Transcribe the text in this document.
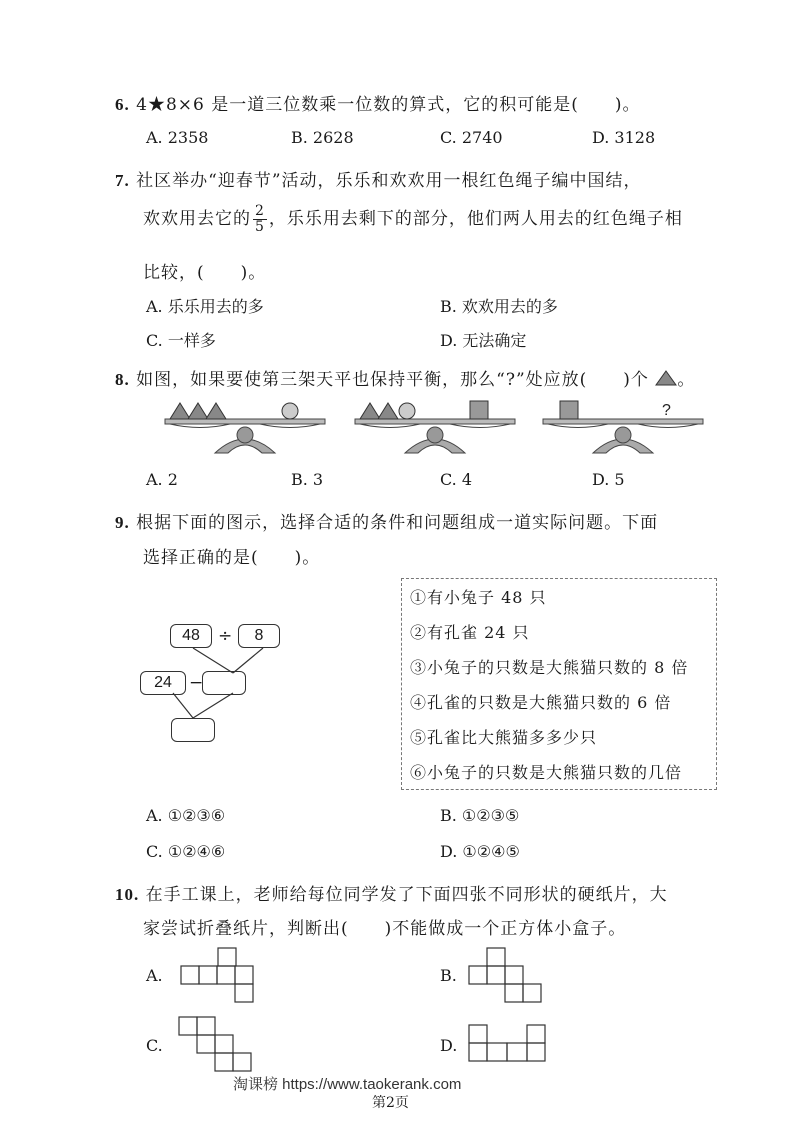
6. 4★8×6 是一道三位数乘一位数的算式，它的积可能是(　　)。
A. 2358	B. 2628	C. 2740	D. 3128
7. 社区举办“迎春节”活动，乐乐和欢欢用一根红色绳子编中国结，
欢欢用去它的 $\frac{2}{5}$ ，乐乐用去剩下的部分，他们两人用去的红色绳子相
比较，(　　)。
A. 乐乐用去的多	B. 欢欢用去的多
C. 一样多	D. 无法确定
8. 如图，如果要使第三架天平也保持平衡，那么“?”处应放(　　)个 。
?
A. 2	B. 3	C. 4	D. 5
9. 根据下面的图示，选择合适的条件和问题组成一道实际问题。下面
选择正确的是(　　)。
48	÷	8
24	−
①有小兔子 48 只
②有孔雀 24 只
③小兔子的只数是大熊猫只数的 8 倍
④孔雀的只数是大熊猫只数的 6 倍
⑤孔雀比大熊猫多多少只
⑥小兔子的只数是大熊猫只数的几倍
A. ①②③⑥	B. ①②③⑤
C. ①②④⑥	D. ①②④⑤
10. 在手工课上，老师给每位同学发了下面四张不同形状的硬纸片，大
家尝试折叠纸片，判断出(　　)不能做成一个正方体小盒子。
A.	B.
C.	D.
淘课榜 https://www.taokerank.com
第2页
